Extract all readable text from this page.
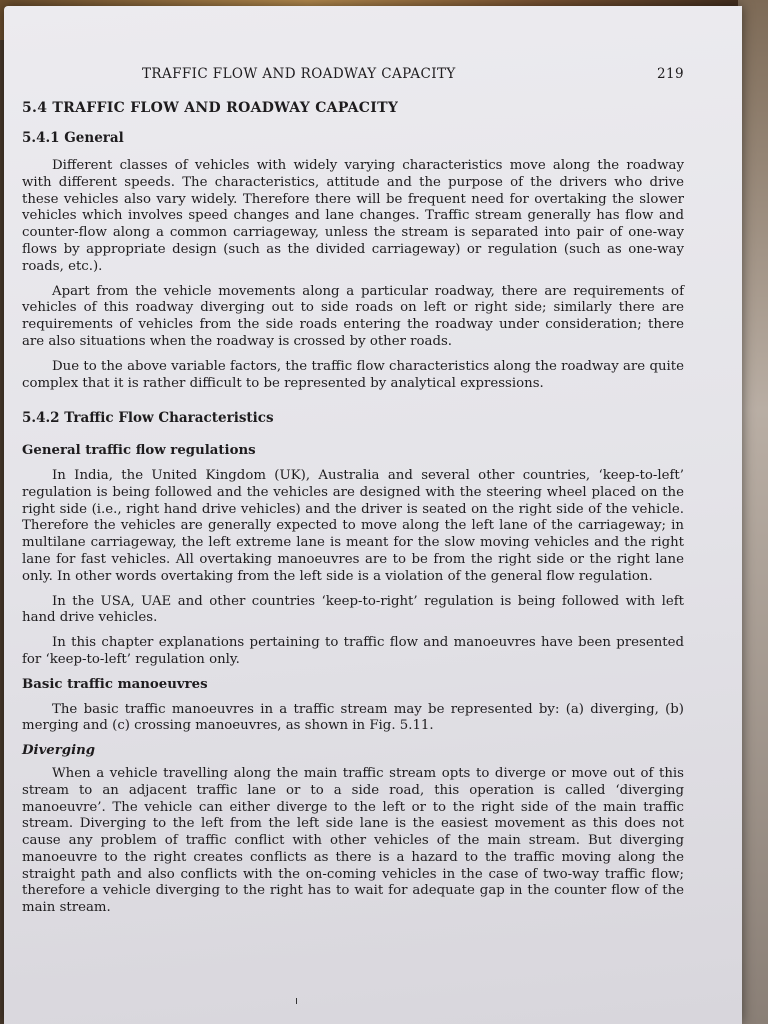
TRAFFIC FLOW AND ROADWAY CAPACITY	219
5.4 TRAFFIC FLOW AND ROADWAY CAPACITY
5.4.1 General

Different classes of vehicles with widely varying characteristics move along the roadway with different speeds. The characteristics, attitude and the purpose of the drivers who drive these vehicles also vary widely. Therefore there will be frequent need for overtaking the slower vehicles which involves speed changes and lane changes. Traffic stream generally has flow and counter-flow along a common carriageway, unless the stream is separated into pair of one-way flows by appropriate design (such as the divided carriageway) or regulation (such as one-way roads, etc.).

Apart from the vehicle movements along a particular roadway, there are requirements of vehicles of this roadway diverging out to side roads on left or right side; similarly there are requirements of vehicles from the side roads entering the roadway under consideration; there are also situations when the roadway is crossed by other roads.

Due to the above variable factors, the traffic flow characteristics along the roadway are quite complex that it is rather difficult to be represented by analytical expressions.

5.4.2 Traffic Flow Characteristics
General traffic flow regulations

In India, the United Kingdom (UK), Australia and several other countries, ‘keep-to-left’ regulation is being followed and the vehicles are designed with the steering wheel placed on the right side (i.e., right hand drive vehicles) and the driver is seated on the right side of the vehicle. Therefore the vehicles are generally expected to move along the left lane of the carriageway; in multilane carriageway, the left extreme lane is meant for the slow moving vehicles and the right lane for fast vehicles. All overtaking manoeuvres are to be from the right side or the right lane only. In other words overtaking from the left side is a violation of the general flow regulation.

In the USA, UAE and other countries ‘keep-to-right’ regulation is being followed with left hand drive vehicles.

In this chapter explanations pertaining to traffic flow and manoeuvres have been presented for ‘keep-to-left’ regulation only.

Basic traffic manoeuvres

The basic traffic manoeuvres in a traffic stream may be represented by: (a) diverging, (b) merging and (c) crossing manoeuvres, as shown in Fig. 5.11.

Diverging

When a vehicle travelling along the main traffic stream opts to diverge or move out of this stream to an adjacent traffic lane or to a side road, this operation is called ‘diverging manoeuvre’. The vehicle can either diverge to the left or to the right side of the main traffic stream. Diverging to the left from the left side lane is the easiest movement as this does not cause any problem of traffic conflict with other vehicles of the main stream. But diverging manoeuvre to the right creates conflicts as there is a hazard to the traffic moving along the straight path and also conflicts with the on-coming vehicles in the case of two-way traffic flow; therefore a vehicle diverging to the right has to wait for adequate gap in the counter flow of the main stream.
